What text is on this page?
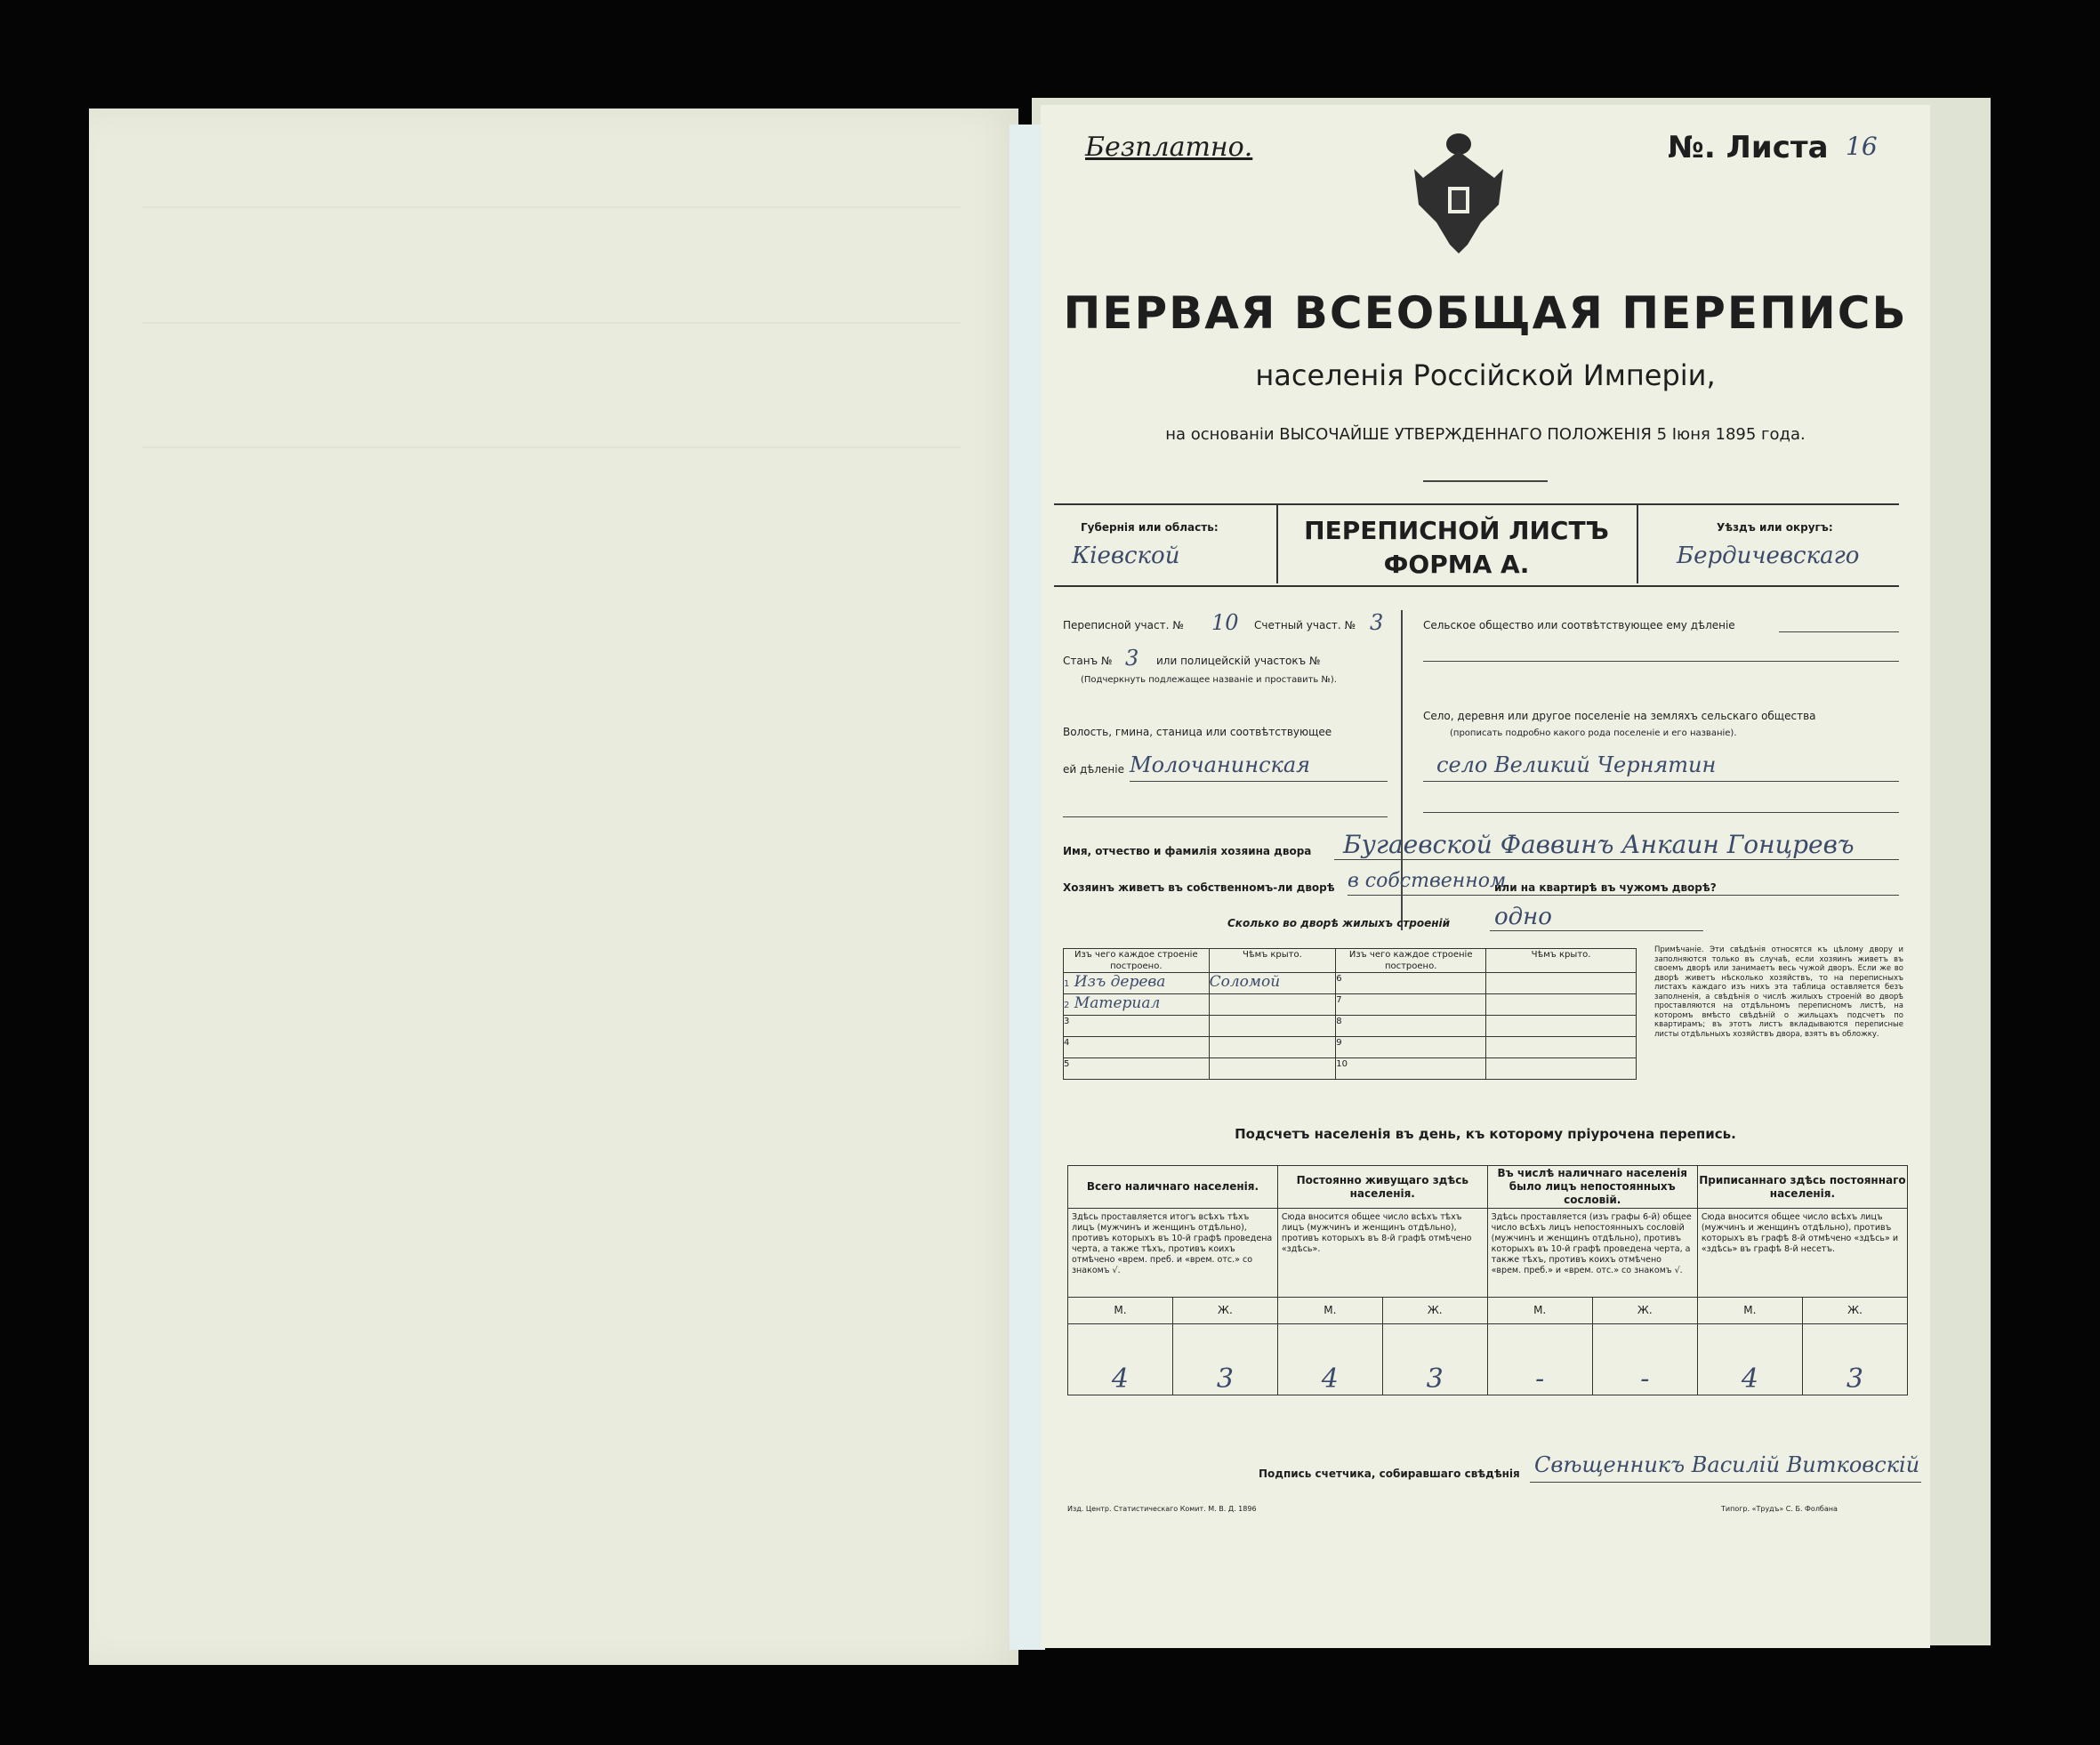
Безплатно.	№. Листа 16
ПЕРВАЯ ВСЕОБЩАЯ ПЕРЕПИСЬ
населенія Россійской Имперіи,
на основаніи ВЫСОЧАЙШЕ УТВЕРЖДЕННАГО ПОЛОЖЕНІЯ 5 Іюня 1895 года.
Губернія или область:
Кіевской
ПЕРЕПИСНОЙ ЛИСТЪ
ФОРМА А.
Уѣздъ или округъ:
Бердичевскаго
Переписной участ. № 10 Счетный участ. № 3
Станъ № 3 или полицейскій участокъ №
(Подчеркнуть подлежащее названіе и проставить №).
Волость, гмина, станица или соотвѣтствующее
ей дѣленіе Молочанинская
Сельское общество или соотвѣтствующее ему дѣленіе
Село, деревня или другое поселеніе на земляхъ сельскаго общества
(прописать подробно какого рода поселеніе и его названіе).
село Великий Чернятин
Имя, отчество и фамилія хозяина двора Бугаевской Фаввинъ Анкаин Гонцревъ
Хозяинъ живетъ въ собственномъ-ли дворѣ в собственном
или на квартирѣ въ чужомъ дворѣ?
Сколько во дворѣ жилыхъ строеній одно
Изъ чего каждое строеніе построено.	Чѣмъ крыто.	Изъ чего каждое строеніе построено.	Чѣмъ крыто.
1 Изъ дерева	Соломой	6	
2 Материал		7	
3		8	
4		9	
5		10	
Примѣчаніе. Эти свѣдѣнія относятся къ цѣлому двору и заполняются только въ случаѣ, если хозяинъ живетъ въ своемъ дворѣ или занимаетъ весь чужой дворъ. Если же во дворѣ живетъ нѣсколько хозяйствъ, то на переписныхъ листахъ каждаго изъ нихъ эта таблица оставляется безъ заполненія, а свѣдѣнія о числѣ жилыхъ строеній во дворѣ проставляются на отдѣльномъ переписномъ листѣ, на которомъ вмѣсто свѣдѣній о жильцахъ подсчетъ пo квартирамъ; въ этотъ листъ вкладываются переписные листы отдѣльныхъ хозяйствъ двора, взятъ въ обложку.
Подсчетъ населенія въ день, къ которому пріурочена перепись.
Всего наличнаго населенія.		Постоянно живущаго здѣсь населенія.		Въ числѣ наличнаго населенія было лицъ непостоянныхъ сословій.		Приписаннаго здѣсь постояннаго населенія.	
Здѣсь проставляется итогъ всѣхъ тѣхъ лицъ (мужчинъ и женщинъ отдѣльно), противъ которыхъ въ 10-й графѣ проведена черта, а также тѣхъ, противъ коихъ отмѣчено «врем. преб. и «врем. отс.» со знакомъ √.		Сюда вносится общее число всѣхъ тѣхъ лицъ (мужчинъ и женщинъ отдѣльно), противъ которыхъ въ 8-й графѣ отмѣчено «здѣсь».		Здѣсь проставляется (изъ графы 6-й) общее число всѣхъ лицъ непостоянныхъ сословій (мужчинъ и женщинъ отдѣльно), противъ которыхъ въ 10-й графѣ проведена черта, а также тѣхъ, противъ коихъ отмѣчено «врем. преб.» и «врем. отс.» со знакомъ √.		Сюда вносится общее число всѣхъ лицъ (мужчинъ и женщинъ отдѣльно), противъ которыхъ въ графѣ 8-й отмѣчено «здѣсь» и «здѣсь» въ графѣ 8-й несетъ.	
М.	Ж.	М.	Ж.	М.	Ж.	М.	Ж.
4	3	4	3	-	-	4	3
Подпись счетчика, собиравшаго свѣдѣнія Свѣщенникъ Василій Витковскій
Изд. Центр. Статистическаго Комит. М. В. Д. 1896	Типогр. «Трудъ» С. Б. Фолбана
